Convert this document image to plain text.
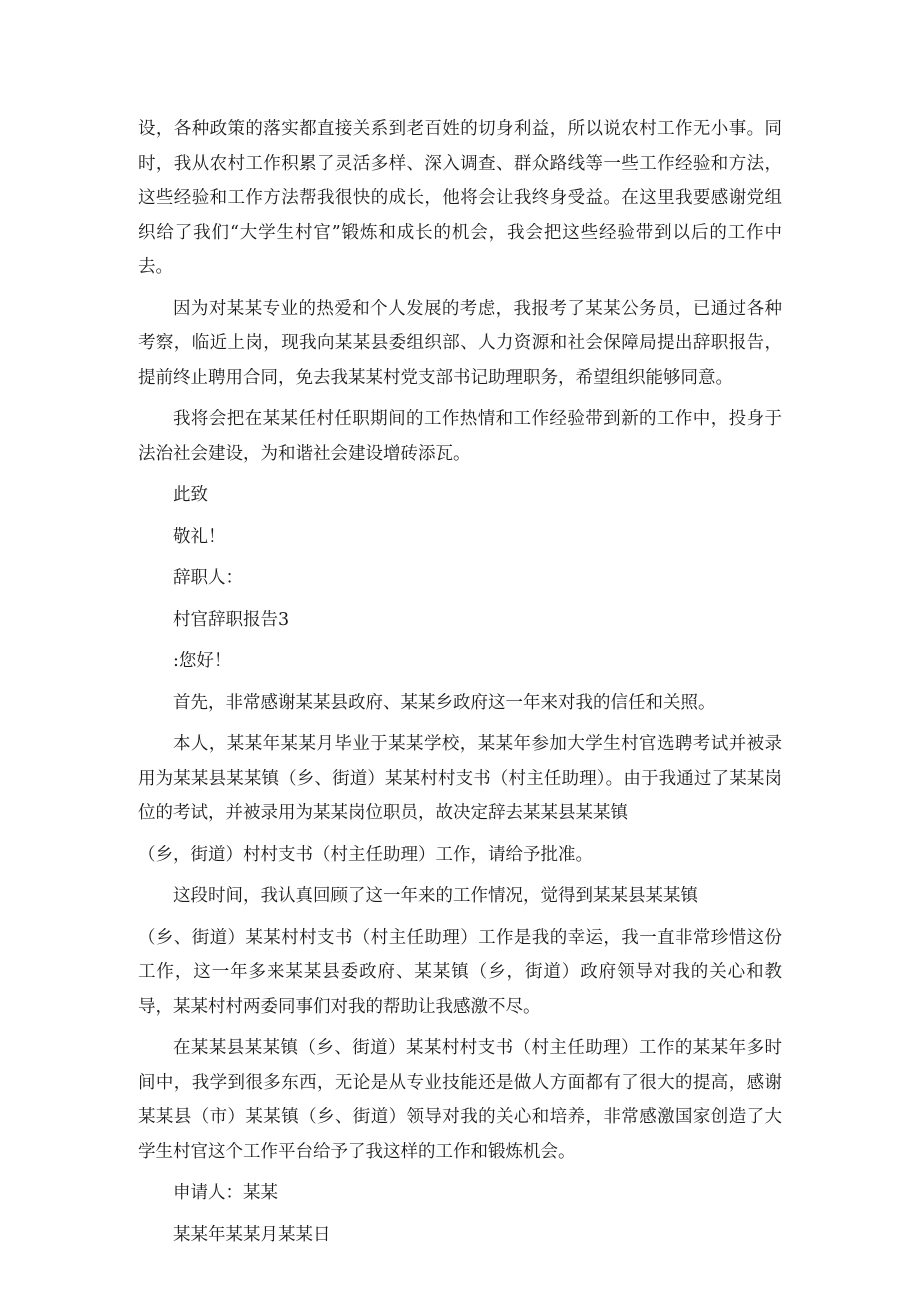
设，各种政策的落实都直接关系到老百姓的切身利益，所以说农村工作无小事。同时，我从农村工作积累了灵活多样、深入调查、群众路线等一些工作经验和方法，这些经验和工作方法帮我很快的成长，他将会让我终身受益。在这里我要感谢党组织给了我们“大学生村官”锻炼和成长的机会，我会把这些经验带到以后的工作中去。

因为对某某专业的热爱和个人发展的考虑，我报考了某某公务员，已通过各种考察，临近上岗，现我向某某县委组织部、人力资源和社会保障局提出辞职报告，提前终止聘用合同，免去我某某村党支部书记助理职务，希望组织能够同意。

我将会把在某某任村任职期间的工作热情和工作经验带到新的工作中，投身于法治社会建设，为和谐社会建设增砖添瓦。

此致

敬礼！

辞职人：

村官辞职报告3

:您好！

首先，非常感谢某某县政府、某某乡政府这一年来对我的信任和关照。

本人，某某年某某月毕业于某某学校，某某年参加大学生村官选聘考试并被录用为某某县某某镇（乡、街道）某某村村支书（村主任助理）。由于我通过了某某岗位的考试，并被录用为某某岗位职员，故决定辞去某某县某某镇

（乡，街道）村村支书（村主任助理）工作，请给予批准。

这段时间，我认真回顾了这一年来的工作情况，觉得到某某县某某镇

（乡、街道）某某村村支书（村主任助理）工作是我的幸运，我一直非常珍惜这份工作，这一年多来某某县委政府、某某镇（乡，街道）政府领导对我的关心和教导，某某村村两委同事们对我的帮助让我感激不尽。

在某某县某某镇（乡、街道）某某村村支书（村主任助理）工作的某某年多时间中，我学到很多东西，无论是从专业技能还是做人方面都有了很大的提高，感谢某某县（市）某某镇（乡、街道）领导对我的关心和培养，非常感激国家创造了大学生村官这个工作平台给予了我这样的工作和锻炼机会。

申请人：某某

某某年某某月某某日
